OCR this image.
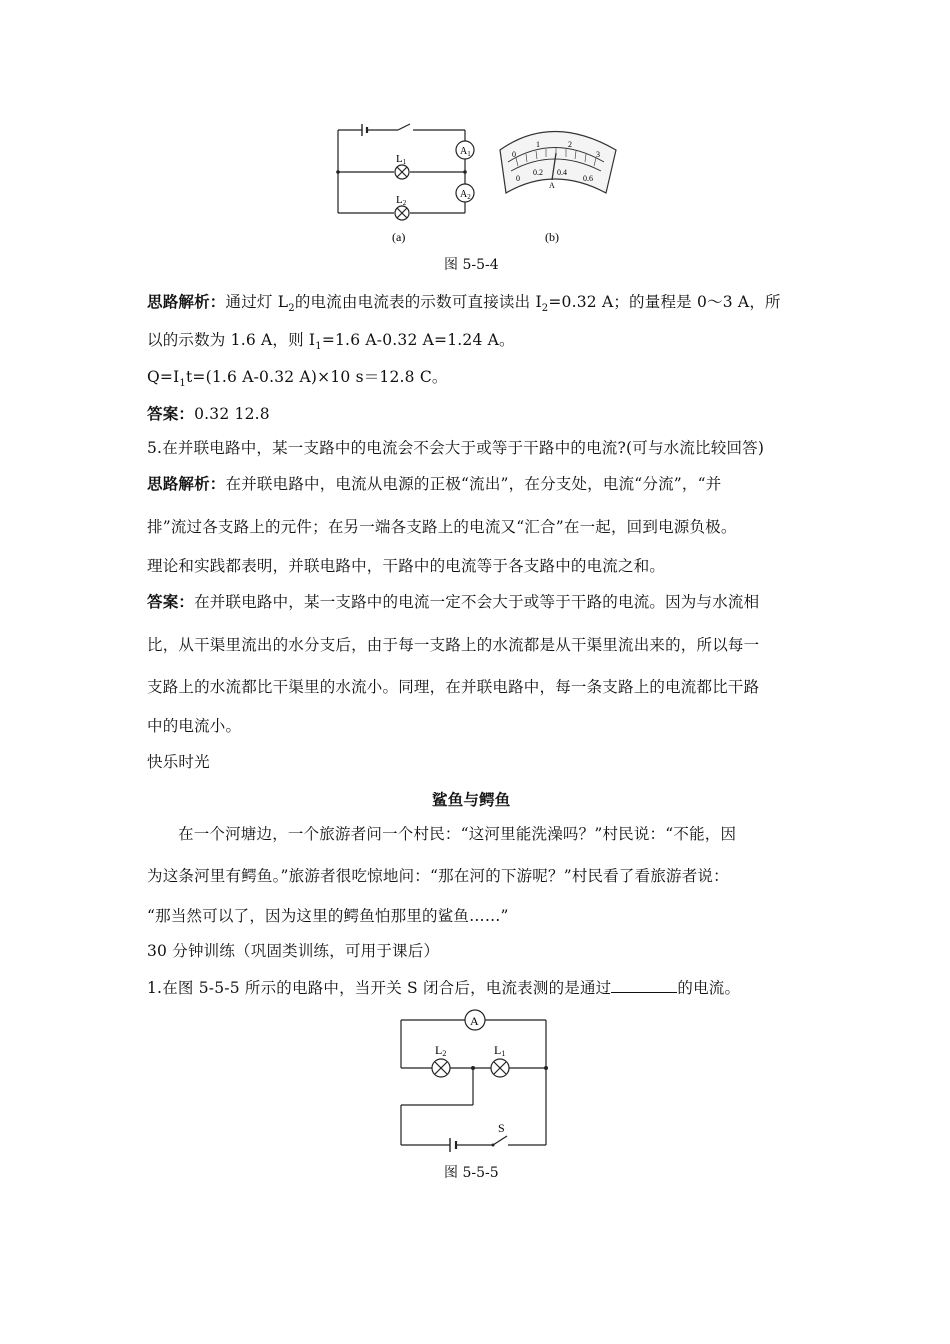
$A_1$
$A_2$
L1
L2
(a)
0
1	2
3
0
0.2 0.4
0.6
A
(b)
图 5-5-4
思路解析：通过灯 $L_2$的电流由电流表的示数可直接读出 $I_2=0.32$ A；的量程是 0～3 A，所
以的示数为 1.6 A，则 $I_1=1.6$ A-0.32 A=1.24 A。
$Q=I_1t=(1.6$ A-0.32 A)×10 s＝12.8 C。
答案：0.32 12.8
5.在并联电路中，某一支路中的电流会不会大于或等于干路中的电流?(可与水流比较回答)
思路解析：在并联电路中，电流从电源的正极“流出”，在分支处，电流“分流”，“并
排”流过各支路上的元件；在另一端各支路上的电流又“汇合”在一起，回到电源负极。
理论和实践都表明，并联电路中，干路中的电流等于各支路中的电流之和。
答案：在并联电路中，某一支路中的电流一定不会大于或等于干路的电流。因为与水流相
比，从干渠里流出的水分支后，由于每一支路上的水流都是从干渠里流出来的，所以每一
支路上的水流都比干渠里的水流小。同理，在并联电路中，每一条支路上的电流都比干路
中的电流小。
快乐时光
鲨鱼与鳄鱼
在一个河塘边，一个旅游者问一个村民：“这河里能洗澡吗？”村民说：“不能，因
为这条河里有鳄鱼。”旅游者很吃惊地问：“那在河的下游呢？”村民看了看旅游者说：
“那当然可以了，因为这里的鳄鱼怕那里的鲨鱼……”
30 分钟训练（巩固类训练，可用于课后）
1.在图 5-5-5 所示的电路中，当开关 S 闭合后，电流表测的是通过	的电流。
A
L2	L1
S
图 5-5-5
